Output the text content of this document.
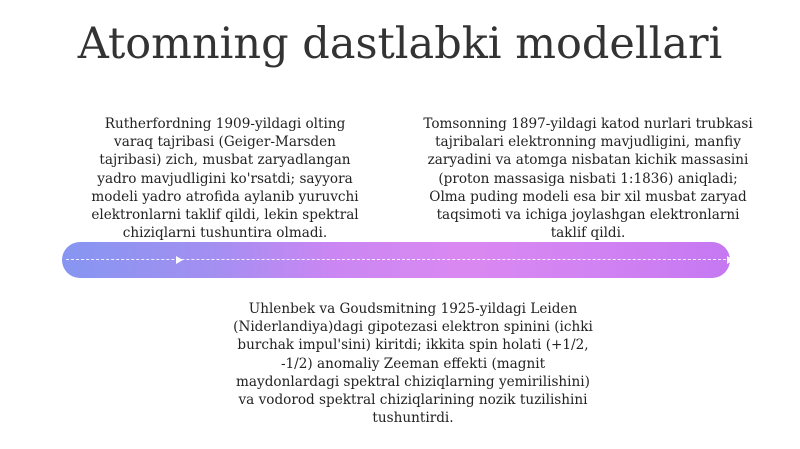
Atomning dastlabki modellari
Rutherfordning 1909-yildagi olting varaq tajribasi (Geiger-Marsden tajribasi) zich, musbat zaryadlangan yadro mavjudligini ko'rsatdi; sayyora modeli yadro atrofida aylanib yuruvchi elektronlarni taklif qildi, lekin spektral chiziqlarni tushuntira olmadi.
Tomsonning 1897-yildagi katod nurlari trubkasi tajribalari elektronning mavjudligini, manfiy zaryadini va atomga nisbatan kichik massasini (proton massasiga nisbati 1:1836) aniqladi; Olma puding modeli esa bir xil musbat zaryad taqsimoti va ichiga joylashgan elektronlarni taklif qildi.
Uhlenbek va Goudsmitning 1925-yildagi Leiden (Niderlandiya)dagi gipotezasi elektron spinini (ichki burchak impul'sini) kiritdi; ikkita spin holati (+1/2, -1/2) anomaliy Zeeman effekti (magnit maydonlardagi spektral chiziqlarning yemirilishini) va vodorod spektral chiziqlarining nozik tuzilishini tushuntirdi.
